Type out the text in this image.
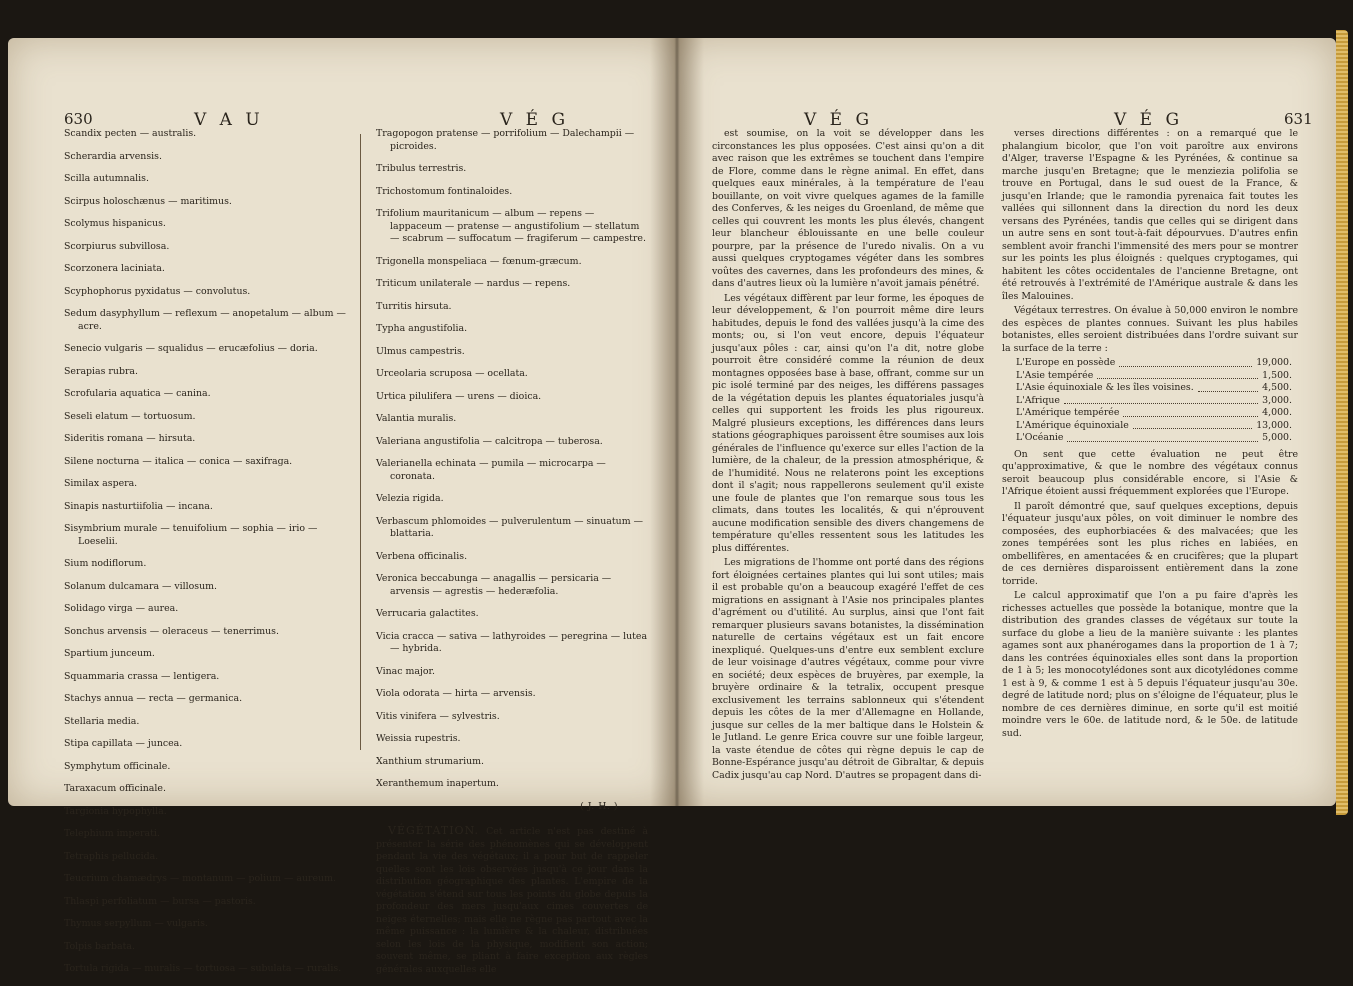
630	V A U	V É G
Scandix pecten — australis.
Scherardia arvensis.
Scilla autumnalis.
Scirpus holoschænus — maritimus.
Scolymus hispanicus.
Scorpiurus subvillosa.
Scorzonera laciniata.
Scyphophorus pyxidatus — convolutus.
Sedum dasyphyllum — reflexum — anopetalum — album — acre.
Senecio vulgaris — squalidus — erucæfolius — doria.
Serapias rubra.
Scrofularia aquatica — canina.
Seseli elatum — tortuosum.
Sideritis romana — hirsuta.
Silene nocturna — italica — conica — saxifraga.
Similax aspera.
Sinapis nasturtiifolia — incana.
Sisymbrium murale — tenuifolium — sophia — irio — Loeselii.
Sium nodiflorum.
Solanum dulcamara — villosum.
Solidago virga — aurea.
Sonchus arvensis — oleraceus — tenerrimus.
Spartium junceum.
Squammaria crassa — lentigera.
Stachys annua — recta — germanica.
Stellaria media.
Stipa capillata — juncea.
Symphytum officinale.
Taraxacum officinale.
Targionia hypophylla.
Telephium imperati.
Tetraphis pellucida.
Teucrium chamædrys — montanum — polium — aureum.
Thlaspi perfoliatum — bursa — pastoris.
Thymus serpyllum — vulgaris.
Tolpis barbata.
Tortula rigida — muralis — tortuosa — subulata — ruralis.
Tragopogon pratense — porrifolium — Dalechampii — picroides.
Tribulus terrestris.
Trichostomum fontinaloides.
Trifolium mauritanicum — album — repens — lappaceum — pratense — angustifolium — stellatum — scabrum — suffocatum — fragiferum — campestre.
Trigonella monspeliaca — fœnum-græcum.
Triticum unilaterale — nardus — repens.
Turritis hirsuta.
Typha angustifolia.
Ulmus campestris.
Urceolaria scruposa — ocellata.
Urtica pilulifera — urens — dioica.
Valantia muralis.
Valeriana angustifolia — calcitropa — tuberosa.
Valerianella echinata — pumila — microcarpa — coronata.
Velezia rigida.
Verbascum phlomoides — pulverulentum — sinuatum — blattaria.
Verbena officinalis.
Veronica beccabunga — anagallis — persicaria — arvensis — agrestis — hederæfolia.
Verrucaria galactites.
Vicia cracca — sativa — lathyroides — peregrina — lutea — hybrida.
Vinac major.
Viola odorata — hirta — arvensis.
Vitis vinifera — sylvestris.
Weissia rupestris.
Xanthium strumarium.
Xeranthemum inapertum.
( J. H. )

VÉGÉTATION. Cet article n'est pas destiné à présenter la série des phénomènes qui se développent pendant la vie des végétaux; il a pour but de rappeler quelles sont les lois observées jusqu'à ce jour dans la distribution géographique des plantes. L'empire de la végétation s'étend sur tous les points du globe depuis la profondeur des mers jusqu'aux cimes couvertes de neiges éternelles; mais elle ne règne pas partout avec la même puissance : la lumière & la chaleur, distribuées selon les lois de la physique, modifient son action; souvent même, se pliant à faire exception aux règles générales auxquelles elle

V É G	V É G	631

est soumise, on la voit se développer dans les circonstances les plus opposées. C'est ainsi qu'on a dit avec raison que les extrêmes se touchent dans l'empire de Flore, comme dans le règne animal. En effet, dans quelques eaux minérales, à la température de l'eau bouillante, on voit vivre quelques agames de la famille des Conferves, & les neiges du Groenland, de même que celles qui couvrent les monts les plus élevés, changent leur blancheur éblouissante en une belle couleur pourpre, par la présence de l'uredo nivalis. On a vu aussi quelques cryptogames végéter dans les sombres voûtes des cavernes, dans les profondeurs des mines, & dans d'autres lieux où la lumière n'avoit jamais pénétré.

Les végétaux diffèrent par leur forme, les époques de leur développement, & l'on pourroit même dire leurs habitudes, depuis le fond des vallées jusqu'à la cime des monts; ou, si l'on veut encore, depuis l'équateur jusqu'aux pôles : car, ainsi qu'on l'a dit, notre globe pourroit être considéré comme la réunion de deux montagnes opposées base à base, offrant, comme sur un pic isolé terminé par des neiges, les différens passages de la végétation depuis les plantes équatoriales jusqu'à celles qui supportent les froids les plus rigoureux. Malgré plusieurs exceptions, les différences dans leurs stations géographiques paroissent être soumises aux lois générales de l'influence qu'exerce sur elles l'action de la lumière, de la chaleur, de la pression atmosphérique, & de l'humidité. Nous ne relaterons point les exceptions dont il s'agit; nous rappellerons seulement qu'il existe une foule de plantes que l'on remarque sous tous les climats, dans toutes les localités, & qui n'éprouvent aucune modification sensible des divers changemens de température qu'elles ressentent sous les latitudes les plus différentes.

Les migrations de l'homme ont porté dans des régions fort éloignées certaines plantes qui lui sont utiles; mais il est probable qu'on a beaucoup exagéré l'effet de ces migrations en assignant à l'Asie nos principales plantes d'agrément ou d'utilité. Au surplus, ainsi que l'ont fait remarquer plusieurs savans botanistes, la dissémination naturelle de certains végétaux est un fait encore inexpliqué. Quelques-uns d'entre eux semblent exclure de leur voisinage d'autres végétaux, comme pour vivre en société; deux espèces de bruyères, par exemple, la bruyère ordinaire & la tetralix, occupent presque exclusivement les terrains sablonneux qui s'étendent depuis les côtes de la mer d'Allemagne en Hollande, jusque sur celles de la mer baltique dans le Holstein & le Jutland. Le genre Erica couvre sur une foible largeur, la vaste étendue de côtes qui règne depuis le cap de Bonne-Espérance jusqu'au détroit de Gibraltar, & depuis Cadix jusqu'au cap Nord. D'autres se propagent dans di-

verses directions différentes : on a remarqué que le phalangium bicolor, que l'on voit paroître aux environs d'Alger, traverse l'Espagne & les Pyrénées, & continue sa marche jusqu'en Bretagne; que le menziezia polifolia se trouve en Portugal, dans le sud ouest de la France, & jusqu'en Irlande; que le ramondia pyrenaica fait toutes les vallées qui sillonnent dans la direction du nord les deux versans des Pyrénées, tandis que celles qui se dirigent dans un autre sens en sont tout-à-fait dépourvues. D'autres enfin semblent avoir franchi l'immensité des mers pour se montrer sur les points les plus éloignés : quelques cryptogames, qui habitent les côtes occidentales de l'ancienne Bretagne, ont été retrouvés à l'extrémité de l'Amérique australe & dans les îles Malouines.

Végétaux terrestres. On évalue à 50,000 environ le nombre des espèces de plantes connues. Suivant les plus habiles botanistes, elles seroient distribuées dans l'ordre suivant sur la surface de la terre :

L'Europe en possède	19,000.
L'Asie tempérée	1,500.
L'Asie équinoxiale & les îles voisines.	4,500.
L'Afrique	3,000.
L'Amérique tempérée	4,000.
L'Amérique équinoxiale	13,000.
L'Océanie	5,000.

On sent que cette évaluation ne peut être qu'approximative, & que le nombre des végétaux connus seroit beaucoup plus considérable encore, si l'Asie & l'Afrique étoient aussi fréquemment explorées que l'Europe.

Il paroît démontré que, sauf quelques exceptions, depuis l'équateur jusqu'aux pôles, on voit diminuer le nombre des composées, des euphorbiacées & des malvacées; que les zones tempérées sont les plus riches en labiées, en ombellifères, en amentacées & en crucifères; que la plupart de ces dernières disparoissent entièrement dans la zone torride.

Le calcul approximatif que l'on a pu faire d'après les richesses actuelles que possède la botanique, montre que la distribution des grandes classes de végétaux sur toute la surface du globe a lieu de la manière suivante : les plantes agames sont aux phanérogames dans la proportion de 1 à 7; dans les contrées équinoxiales elles sont dans la proportion de 1 à 5; les monocotylédones sont aux dicotylédones comme 1 est à 9, & comme 1 est à 5 depuis l'équateur jusqu'au 30e. degré de latitude nord; plus on s'éloigne de l'équateur, plus le nombre de ces dernières diminue, en sorte qu'il est moitié moindre vers le 60e. de latitude nord, & le 50e. de latitude sud.
